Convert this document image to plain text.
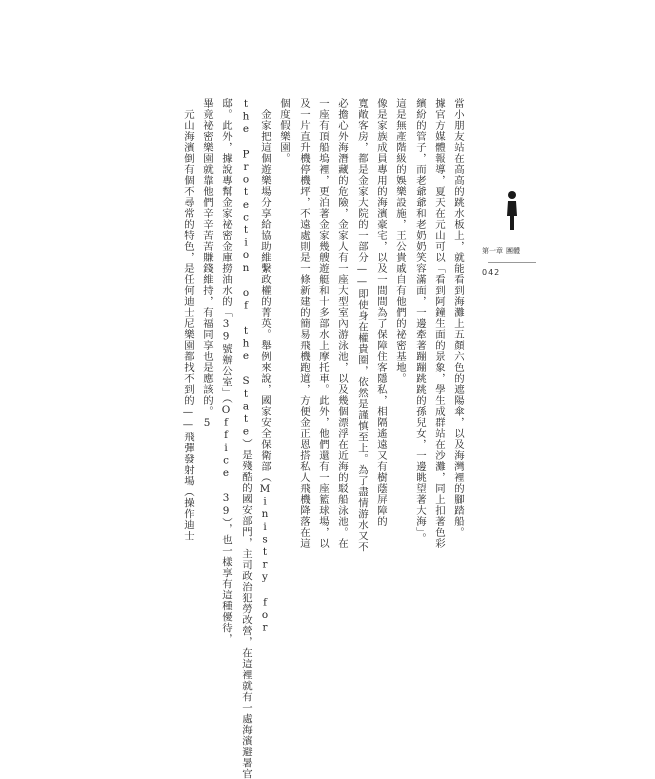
當小朋友站在高高的跳水板上，就能看到海灘上五顏六色的遮陽傘，以及海灣裡的腳踏船。
據官方媒體報導，夏天在元山可以「看到阿鐘生面的景象，學生成群站在沙灘，同上扣著色彩
繽紛的管子，而老爺爺和老奶奶笑容滿面，一邊牽著蹦蹦跳跳的孫兒女，一邊眺望著大海」。
這是無產階級的娛樂設施，王公貴戚自有他們的祕密基地。
像是家族成員專用的海濱豪宅，以及一間間為了保障住客隱私，相隔遙遠又有樹蔭屏障的
寬敞客房，都是金家大院的一部分——即使身在權貴圈，依然是謹慎至上。為了盡情游水又不
必擔心外海潛藏的危險，金家人有一座大型室內游泳池，以及幾個漂浮在近海的駁船泳池。在
一座有頂船塢裡，更泊著金家幾艘遊艇和十多部水上摩托車。此外，他們還有一座籃球場，以
及一片直升機停機坪，不遠處則是一條新建的簡易飛機跑道，方便金正恩搭私人飛機降落在這
個度假樂園。
　金家把這個遊樂場分享給協助維繫政權的菁英。舉例來說，國家安全保衛部（Ministry for
the Protection of the State）是殘酷的國安部門，主司政治犯勞改營，在這裡就有一處海濱避暑官
邸。此外，據說專幫金家祕密金庫撈油水的「39號辦公室」（Office 39），也一樣享有這種優待，
畢竟祕密樂園就靠他們辛辛苦苦賺錢維持，有福同享也是應該的。5
　元山海濱倒有個不尋常的特色，是任何迪士尼樂園都找不到的——飛彈發射場（操作迪士	第一章 團體
042
